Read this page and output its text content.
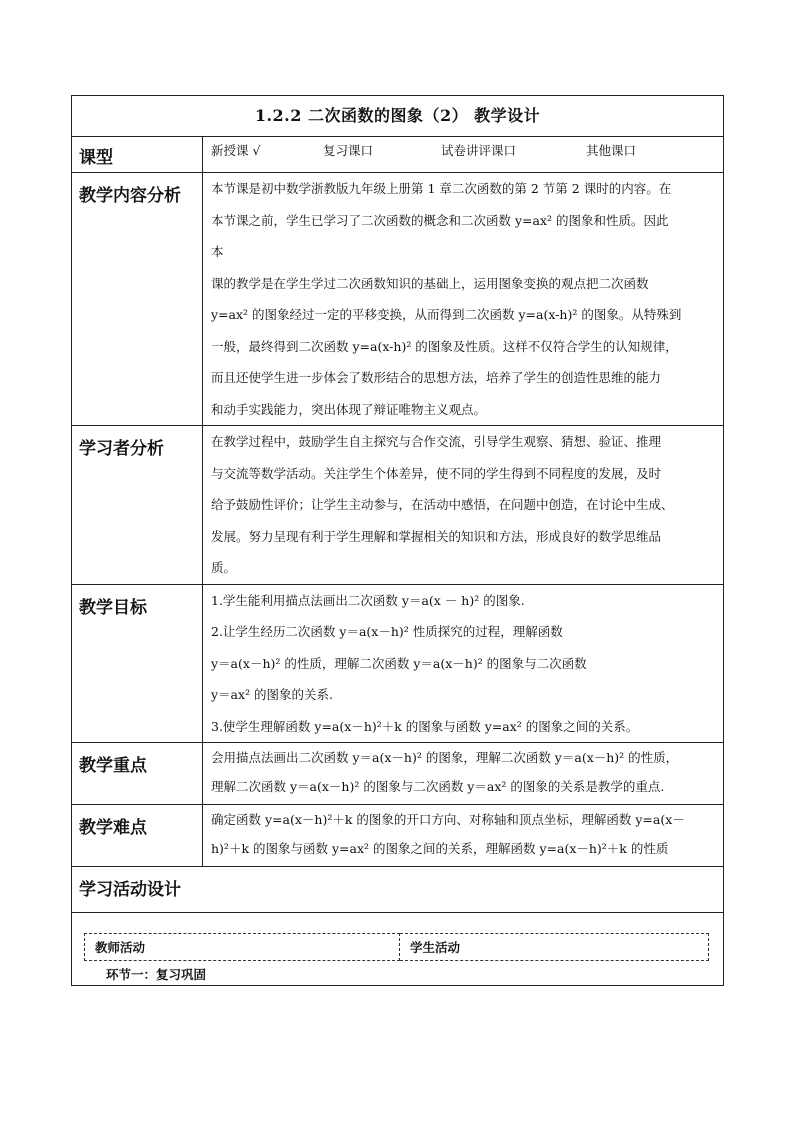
1.2.2 二次函数的图象（2） 教学设计
课型	新授课 √	复习课口	试卷讲评课口	其他课口

教学内容分析	本节课是初中数学浙教版九年级上册第 1 章二次函数的第 2 节第 2 课时的内容。在

本节课之前，学生已学习了二次函数的概念和二次函数 y=ax² 的图象和性质。因此

本

课的教学是在学生学过二次函数知识的基础上，运用图象变换的观点把二次函数

y=ax² 的图象经过一定的平移变换，从而得到二次函数 y=a(x-h)² 的图象。从特殊到

一般，最终得到二次函数 y=a(x-h)² 的图象及性质。这样不仅符合学生的认知规律，

而且还使学生进一步体会了数形结合的思想方法，培养了学生的创造性思维的能力

和动手实践能力，突出体现了辩证唯物主义观点。

学习者分析	在教学过程中，鼓励学生自主探究与合作交流，引导学生观察、猜想、验证、推理

与交流等数学活动。关注学生个体差异，使不同的学生得到不同程度的发展，及时

给予鼓励性评价；让学生主动参与，在活动中感悟，在问题中创造，在讨论中生成、

发展。努力呈现有利于学生理解和掌握相关的知识和方法，形成良好的数学思维品

质。

教学目标	1.学生能利用描点法画出二次函数 y＝a(x － h)² 的图象.

2.让学生经历二次函数 y＝a(x－h)² 性质探究的过程，理解函数

y＝a(x－h)² 的性质，理解二次函数 y＝a(x－h)² 的图象与二次函数

y＝ax² 的图象的关系.

3.使学生理解函数 y=a(x－h)²＋k 的图象与函数 y=ax² 的图象之间的关系。

教学重点	会用描点法画出二次函数 y＝a(x－h)² 的图象，理解二次函数 y＝a(x－h)² 的性质，

理解二次函数 y＝a(x－h)² 的图象与二次函数 y＝ax² 的图象的关系是教学的重点.

教学难点	确定函数 y=a(x－h)²＋k 的图象的开口方向、对称轴和顶点坐标，理解函数 y=a(x－

h)²＋k 的图象与函数 y=ax² 的图象之间的关系，理解函数 y=a(x－h)²＋k 的性质

学习活动设计

教师活动	学生活动
环节一：复习巩固
